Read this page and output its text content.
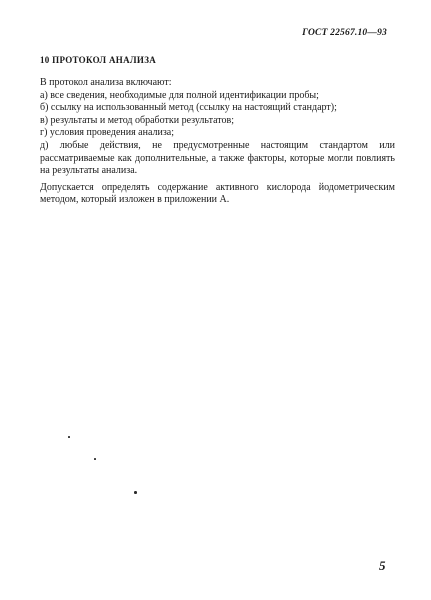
ГОСТ 22567.10—93
10 ПРОТОКОЛ АНАЛИЗА

В протокол анализа включают:

а) все сведения, необходимые для полной идентификации пробы;

б) ссылку на использованный метод (ссылку на настоящий стандарт);

в) результаты и метод обработки результатов;

г) условия проведения анализа;

д) любые действия, не предусмотренные настоящим стандартом или рассматриваемые как дополнительные, а также факторы, которые могли повлиять на результаты анализа.

Допускается определять содержание активного кислорода йодометрическим методом, который изложен в приложении А.

5
